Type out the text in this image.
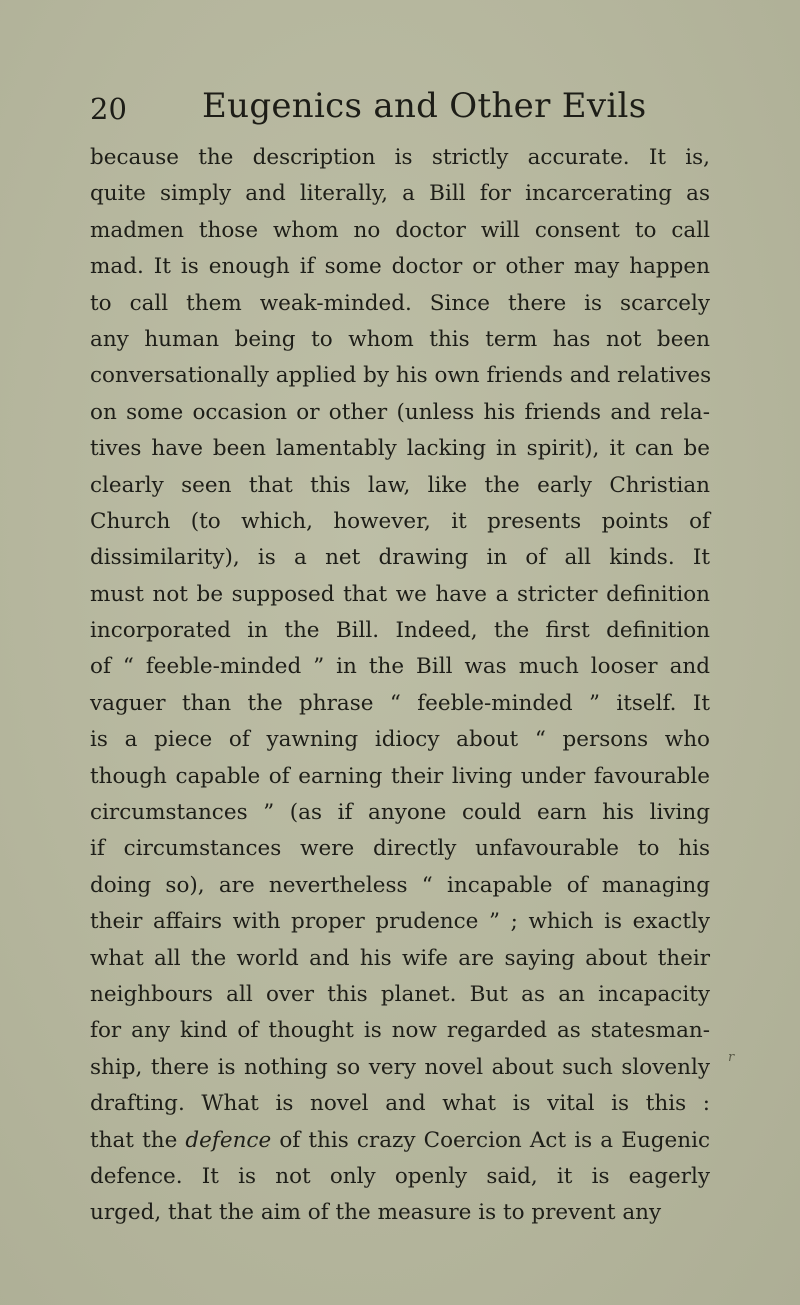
20 Eugenics and Other Evils
because the description is strictly accurate. It is,
quite simply and literally, a Bill for incarcerating as
madmen those whom no doctor will consent to call
mad. It is enough if some doctor or other may happen
to call them weak-minded. Since there is scarcely
any human being to whom this term has not been
conversationally applied by his own friends and relatives
on some occasion or other (unless his friends and rela-
tives have been lamentably lacking in spirit), it can be
clearly seen that this law, like the early Christian
Church (to which, however, it presents points of
dissimilarity), is a net drawing in of all kinds. It
must not be supposed that we have a stricter definition
incorporated in the Bill. Indeed, the first definition
of “ feeble-minded ” in the Bill was much looser and
vaguer than the phrase “ feeble-minded ” itself. It
is a piece of yawning idiocy about “ persons who
though capable of earning their living under favourable
circumstances ” (as if anyone could earn his living
if circumstances were directly unfavourable to his
doing so), are nevertheless “ incapable of managing
their affairs with proper prudence ” ; which is exactly
what all the world and his wife are saying about their
neighbours all over this planet. But as an incapacity
for any kind of thought is now regarded as statesman-
ship, there is nothing so very novel about such slovenly
drafting. What is novel and what is vital is this :
that the defence of this crazy Coercion Act is a Eugenic
defence. It is not only openly said, it is eagerly
urged, that the aim of the measure is to prevent any
r
